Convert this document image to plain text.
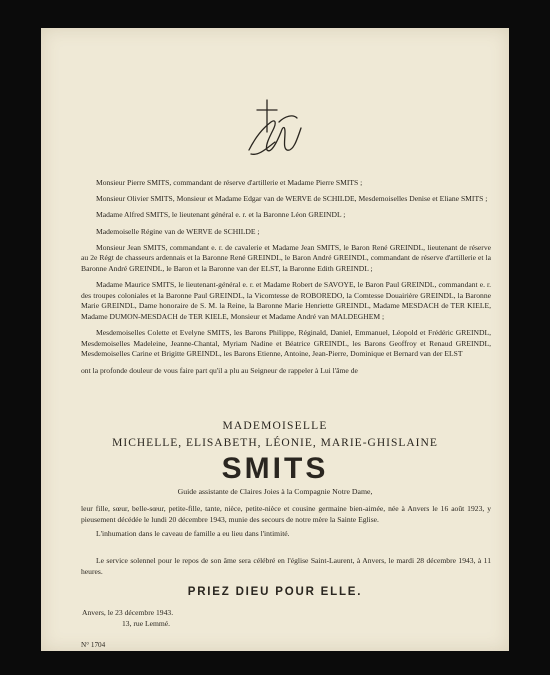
Monsieur Pierre SMITS, commandant de réserve d'artillerie et Madame Pierre SMITS ;

Monsieur Olivier SMITS, Monsieur et Madame Edgar van de WERVE de SCHILDE, Mesdemoiselles Denise et Eliane SMITS ;

Madame Alfred SMITS, le lieutenant général e. r. et la Baronne Léon GREINDL ;

Mademoiselle Régine van de WERVE de SCHILDE ;

Monsieur Jean SMITS, commandant e. r. de cavalerie et Madame Jean SMITS, le Baron René GREINDL, lieutenant de réserve au 2e Régt de chasseurs ardennais et la Baronne René GREINDL, le Baron André GREINDL, commandant de réserve d'artillerie et la Baronne André GREINDL, le Baron et la Baronne van der ELST, la Baronne Edith GREINDL ;

Madame Maurice SMITS, le lieutenant-général e. r. et Madame Robert de SAVOYE, le Baron Paul GREINDL, commandant e. r. des troupes coloniales et la Baronne Paul GREINDL, la Vicomtesse de ROBOREDO, la Comtesse Douairière GREINDL, la Baronne Marie GREINDL, Dame honoraire de S. M. la Reine, la Baronne Marie Henriette GREINDL, Madame MESDACH de TER KIELE, Madame DUMON-MESDACH de TER KIELE, Monsieur et Madame André van MALDEGHEM ;

Mesdemoiselles Colette et Evelyne SMITS, les Barons Philippe, Réginald, Daniel, Emmanuel, Léopold et Frédéric GREINDL, Mesdemoiselles Madeleine, Jeanne-Chantal, Myriam Nadine et Béatrice GREINDL, les Barons Geoffroy et Renaud GREINDL, Mesdemoiselles Carine et Brigitte GREINDL, les Barons Etienne, Antoine, Jean-Pierre, Dominique et Bernard van der ELST

ont la profonde douleur de vous faire part qu'il a plu au Seigneur de rappeler à Lui l'âme de

MADEMOISELLE
MICHELLE, ELISABETH, LÉONIE, MARIE-GHISLAINE
SMITS
Guide assistante de Claires Joies à la Compagnie Notre Dame,

leur fille, sœur, belle-sœur, petite-fille, tante, nièce, petite-nièce et cousine germaine bien-aimée, née à Anvers le 16 août 1923, y pieusement décédée le lundi 20 décembre 1943, munie des secours de notre mère la Sainte Eglise.

L'inhumation dans le caveau de famille a eu lieu dans l'intimité.

Le service solennel pour le repos de son âme sera célébré en l'église Saint-Laurent, à Anvers, le mardi 28 décembre 1943, à 11 heures.

PRIEZ DIEU POUR ELLE.
Anvers, le 23 décembre 1943.
13, rue Lemmé.
N° 1704
